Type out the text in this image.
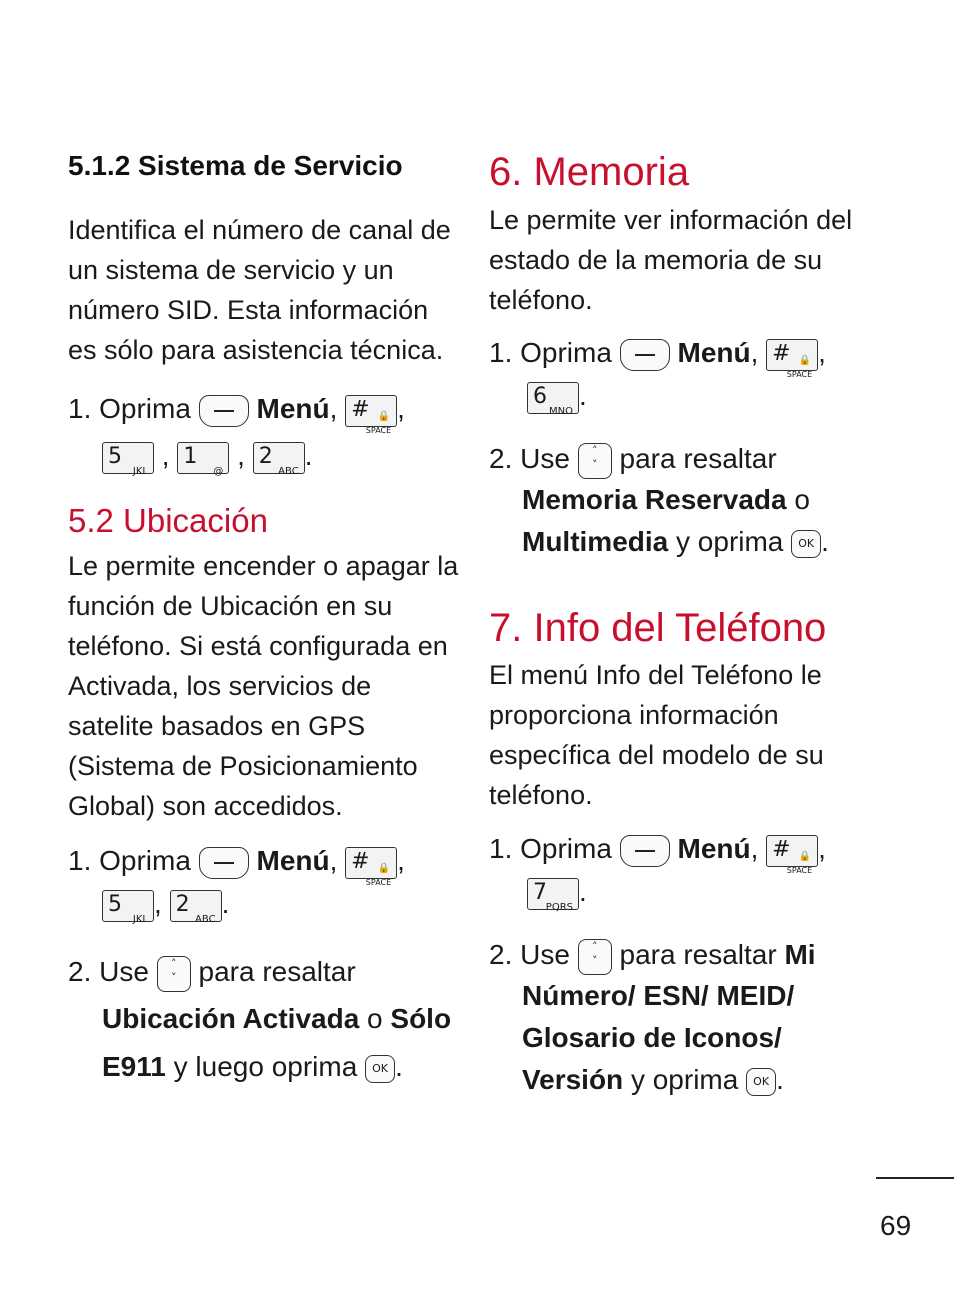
5.1.2 Sistema de Servicio

Identifica el número de canal de un sistema de servicio y un número SID. Esta información es sólo para asistencia técnica.

1. Oprima Menú, # 🔒
SPACE
,
5
JKL
, 1
@
, 2
ABC
.
5.2 Ubicación

Le permite encender o apagar la función de Ubicación en su teléfono. Si está configurada en Activada, los servicios de satelite basados en GPS (Sistema de Posicionamiento Global) son accedidos.

1. Oprima Menú, # 🔒
SPACE
,
5
JKL
, 2
ABC
.
2. Use	˄
˅ para resaltar
Ubicación Activada o Sólo
E911 y luego oprima OK .
6. Memoria

Le permite ver información del estado de la memoria de su teléfono.

1. Oprima Menú, # 🔒
SPACE
,
6
MNO
.
2. Use	˄
˅ para resaltar
Memoria Reservada o
Multimedia y oprima OK .
7. Info del Teléfono

El menú Info del Teléfono le proporciona información específica del modelo de su teléfono.

1. Oprima Menú, # 🔒
SPACE
,
7
PQRS
.
2. Use	˄
˅ para resaltar Mi
Número/ ESN/ MEID/
Glosario de Iconos/
Versión y oprima OK .
69
